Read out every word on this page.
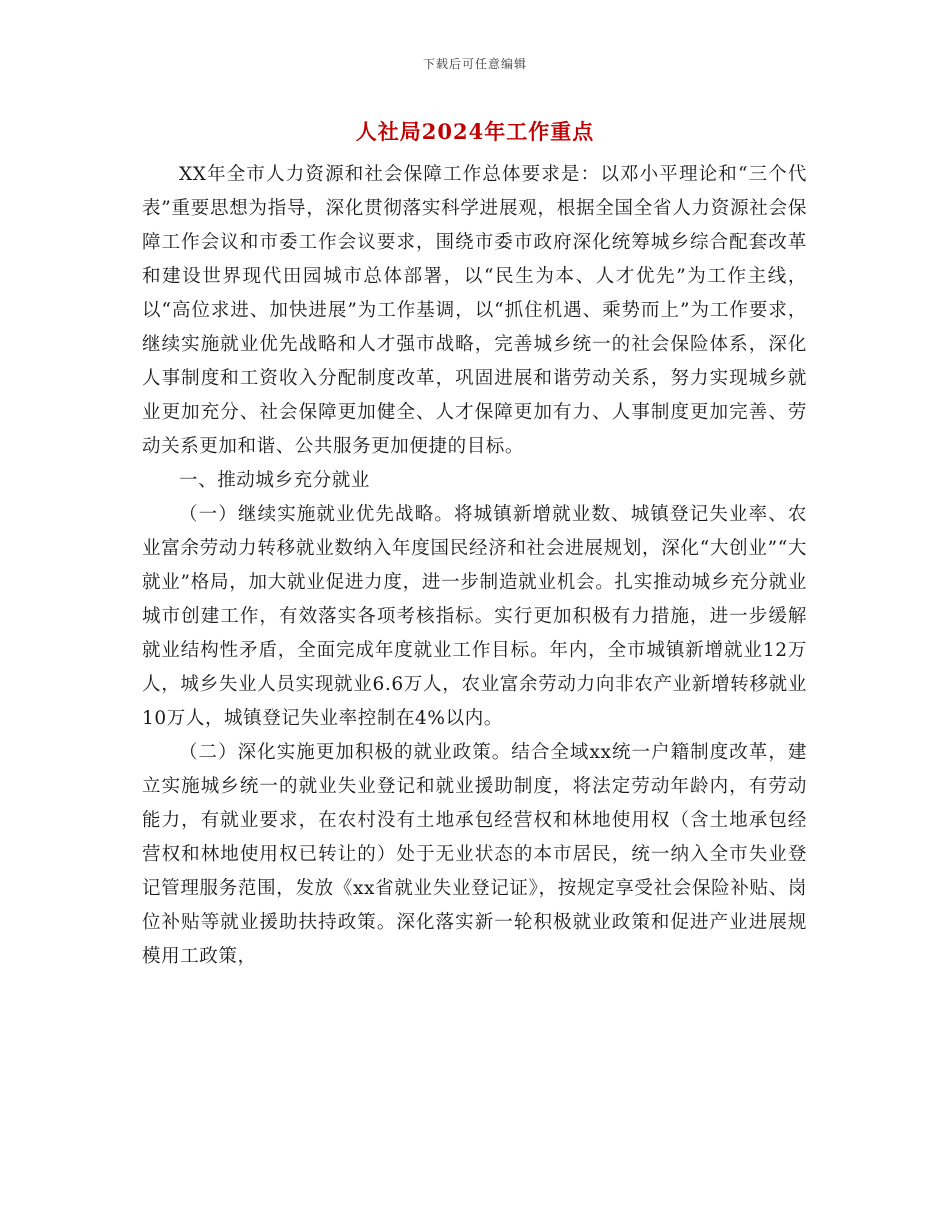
下载后可任意编辑
人社局2024年工作重点

XX年全市人力资源和社会保障工作总体要求是：以邓小平理论和“三个代表”重要思想为指导，深化贯彻落实科学进展观，根据全国全省人力资源社会保障工作会议和市委工作会议要求，围绕市委市政府深化统筹城乡综合配套改革和建设世界现代田园城市总体部署，以“民生为本、人才优先”为工作主线，以“高位求进、加快进展”为工作基调，以“抓住机遇、乘势而上”为工作要求，继续实施就业优先战略和人才强市战略，完善城乡统一的社会保险体系，深化人事制度和工资收入分配制度改革，巩固进展和谐劳动关系，努力实现城乡就业更加充分、社会保障更加健全、人才保障更加有力、人事制度更加完善、劳动关系更加和谐、公共服务更加便捷的目标。

一、推动城乡充分就业

（一）继续实施就业优先战略。将城镇新增就业数、城镇登记失业率、农业富余劳动力转移就业数纳入年度国民经济和社会进展规划，深化“大创业”“大就业”格局，加大就业促进力度，进一步制造就业机会。扎实推动城乡充分就业城市创建工作，有效落实各项考核指标。实行更加积极有力措施，进一步缓解就业结构性矛盾，全面完成年度就业工作目标。年内，全市城镇新增就业12万人，城乡失业人员实现就业6.6万人，农业富余劳动力向非农产业新增转移就业10万人，城镇登记失业率控制在4%以内。

（二）深化实施更加积极的就业政策。结合全域xx统一户籍制度改革，建立实施城乡统一的就业失业登记和就业援助制度，将法定劳动年龄内，有劳动能力，有就业要求，在农村没有土地承包经营权和林地使用权（含土地承包经营权和林地使用权已转让的）处于无业状态的本市居民，统一纳入全市失业登记管理服务范围，发放《xx省就业失业登记证》，按规定享受社会保险补贴、岗位补贴等就业援助扶持政策。深化落实新一轮积极就业政策和促进产业进展规模用工政策，
